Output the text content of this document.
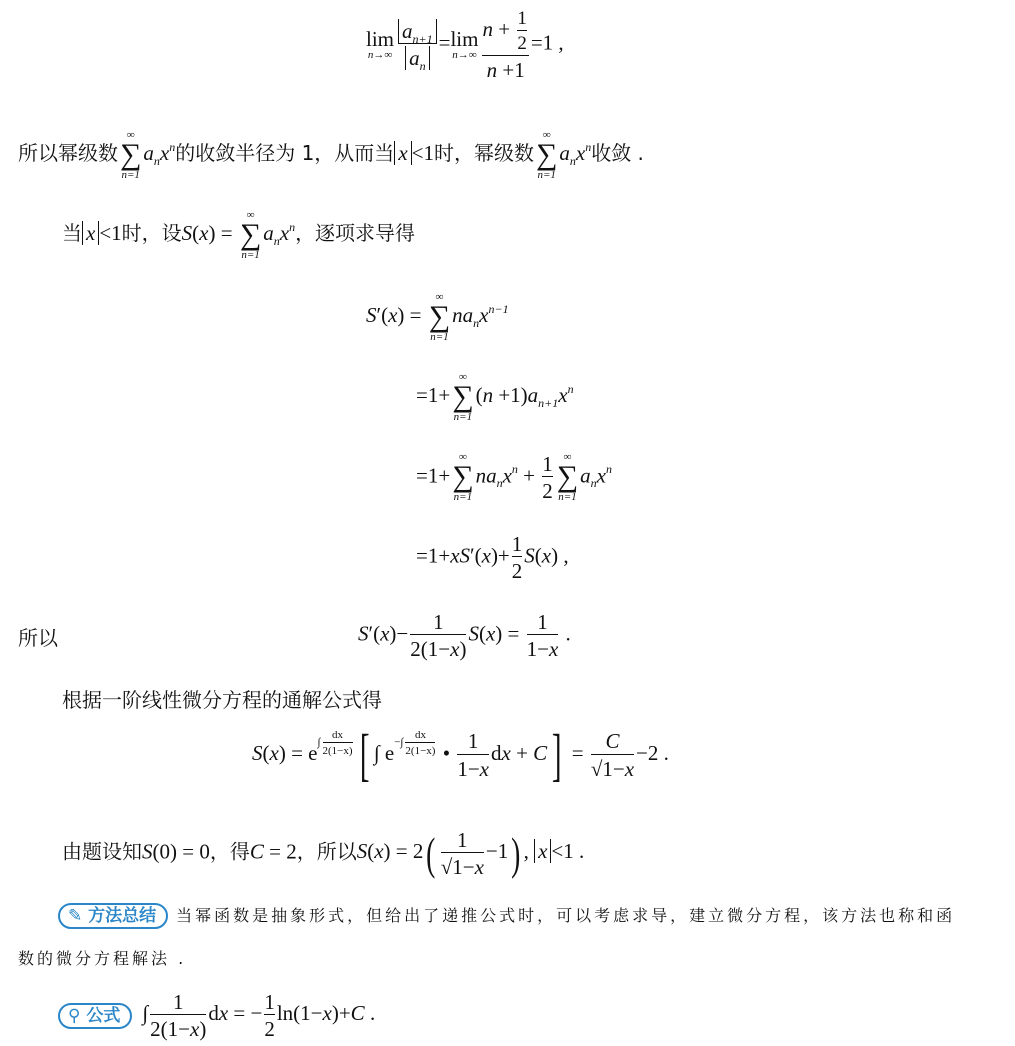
lim
$n\to\infty \frac{a_{n+1}}{a_n} = \lim$
$n\to\infty \frac{n + \frac{1}{2}}{n +1} =1$ ,
所以幂级数
∞
∑
n=1
$a_nx^n$的收敛半径为 1，从而当 x <1时，幂级数
∞
∑
n=1
$a_nx^n$收敛 .
当 x <1时，设S(x) =
∞
∑
n=1
$a_nx^n$，逐项求导得
S′(x) =
∞
∑
n=1
$na_nx^{n-1}$
=1+
∞
∑
n=1
$(n +1)a_{n+1}x^n$
=1+
∞
∑
n=1
$na_nx^n + \frac{1}{2}$ ∞
∑
n=1
$a_nx^n$
$=1+xS'(x)+ \frac{1}{2} S(x)$ ,
所以	$S'(x)- \frac{1}{2(1-x)} S(x) = \frac{1}{1-x}$ .
根据一阶线性微分方程的通解公式得
$S(x) = e\int \frac{dx}{2(1-x)}$ [ ∫ $e-\int \frac{dx}{2(1-x)}$ • $\frac{1}{1-x}$ dx + $C] = \frac{C}{√1-x} -2$ .
由题设知S(0) = 0，得C = 2，所以$S(x) = 2( \frac{1}{√1-x} -1)$ , x <1 .
✎ 方法总结 当幂函数是抽象形式，但给出了递推公式时，可以考虑求导，建立微分方程，该方法也称和函
数的微分方程解法 .
⚲ 公式 ∫ $\frac{1}{2(1-x)}$ dx = − $\frac{1}{2} \ln(1-x)+C$ .
